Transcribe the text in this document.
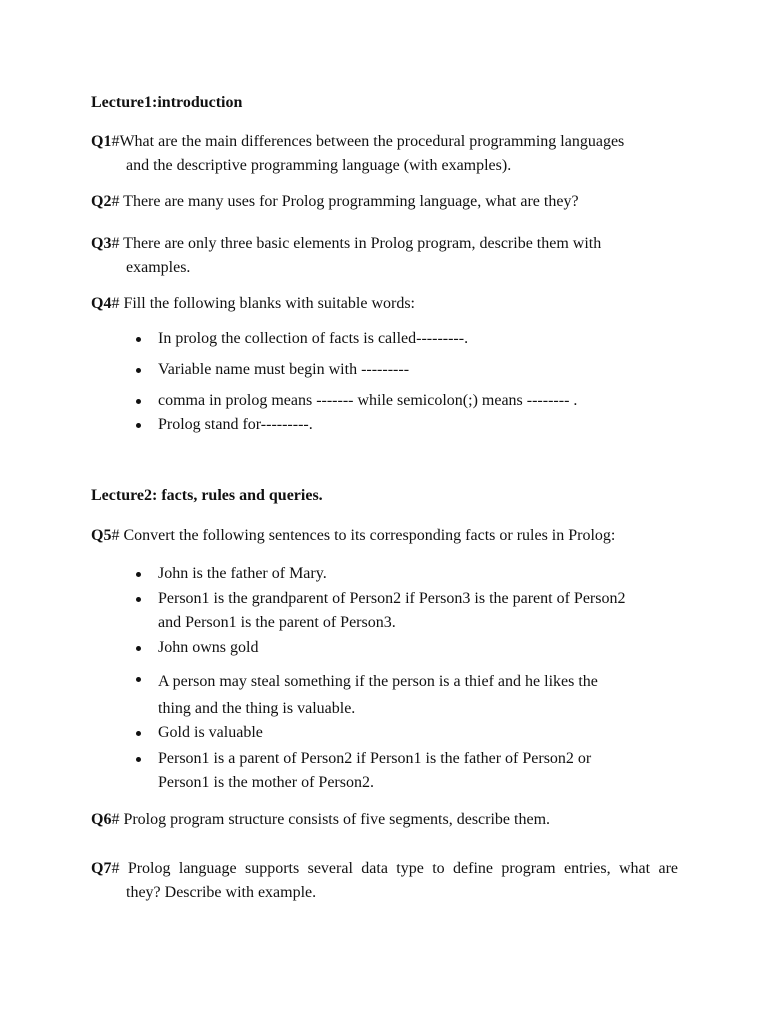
Lecture1:introduction
Q1#What are the main differences between the procedural programming languages
and the descriptive programming language (with examples).
Q2# There are many uses for Prolog programming language, what are they?
Q3# There are only three basic elements in Prolog program, describe them with
examples.
Q4# Fill the following blanks with suitable words:
In prolog the collection of facts is called---------.
Variable name must begin with ---------
comma in prolog means ------- while semicolon(;) means -------- .
Prolog stand for---------.
Lecture2: facts, rules and queries.
Q5# Convert the following sentences to its corresponding facts or rules in Prolog:
John is the father of Mary.
Person1 is the grandparent of Person2 if Person3 is the parent of Person2
and Person1 is the parent of Person3.
John owns gold
A person may steal something if the person is a thief and he likes the
thing and the thing is valuable.
Gold is valuable
Person1 is a parent of Person2 if Person1 is the father of Person2 or
Person1 is the mother of Person2.
Q6# Prolog program structure consists of five segments, describe them.
Q7# Prolog language supports several data type to define program entries, what are
they? Describe with example.
